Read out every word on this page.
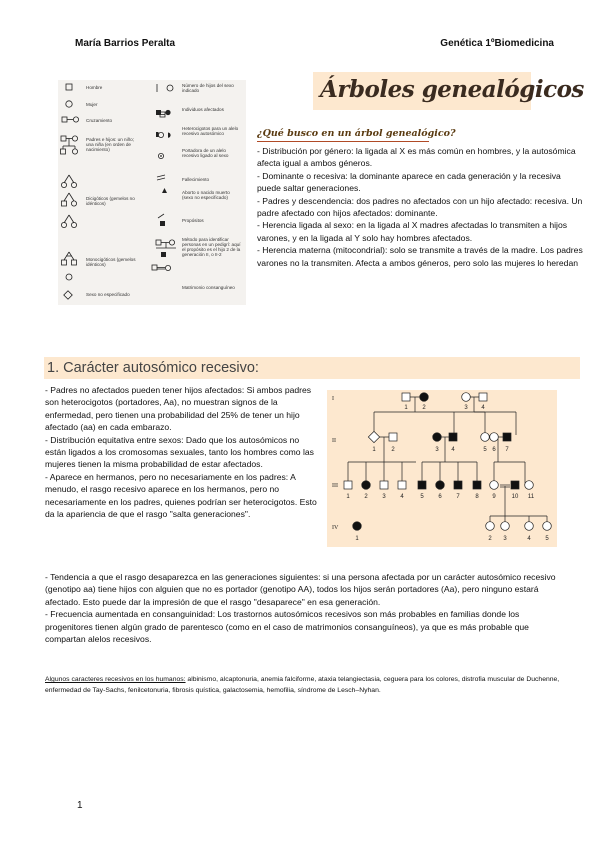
María Barrios Peralta	Genética 1ºBiomedicina
Hombre
Mujer
Cruzamiento
Padres e hijos: un niño; una niña (en orden de nacimiento)
Dicigóticos (gemelos no idénticos)
Monocigóticos (gemelos idénticos)
Sexo no especificado
Número de hijos del sexo indicado
Individuos afectados
Heterocigotos para un alelo recesivo autosómico
Portadora de un alelo recesivo ligado al sexo
Fallecimiento
Aborto o nacido muerto (sexo no especificado)
Propósitos
Método para identificar personas en un pedigrí: aquí el propósito es el hijo 2 de la generación II, o II-2
Matrimonio consanguíneo
Árboles genealógicos
¿Qué busco en un árbol genealógico?
- Distribución por género: la ligada al X es más común en hombres, y la autosómica afecta igual a ambos géneros.
- Dominante o recesiva: la dominante aparece en cada generación y la recesiva puede saltar generaciones.
- Padres y descendencia: dos padres no afectados con un hijo afectado: recesiva. Un padre afectado con hijos afectados: dominante.
- Herencia ligada al sexo: en la ligada al X madres afectadas lo transmiten a hijos varones, y en la ligada al Y solo hay hombres afectados.
- Herencia materna (mitocondrial): solo se transmite a través de la madre. Los padres varones no la transmiten. Afecta a ambos géneros, pero solo las mujeres lo heredan
1. Carácter autosómico recesivo:
- Padres no afectados pueden tener hijos afectados: Si ambos padres son heterocigotos (portadores, Aa), no muestran signos de la enfermedad, pero tienen una probabilidad del 25% de tener un hijo afectado (aa) en cada embarazo.
- Distribución equitativa entre sexos: Dado que los autosómicos no están ligados a los cromosomas sexuales, tanto los hombres como las mujeres tienen la misma probabilidad de estar afectados.
- Aparece en hermanos, pero no necesariamente en los padres: A menudo, el rasgo recesivo aparece en los hermanos, pero no necesariamente en los padres, quienes podrían ser heterocigotos. Esto da la apariencia de que el rasgo "salta generaciones".
I
II
III
IV
1 2	3 4
1	2	3 4	5 6 7
1 2 3 4	5 6 7	8 9	10 11
1	2 3	4 5
- Tendencia a que el rasgo desaparezca en las generaciones siguientes: si una persona afectada por un carácter autosómico recesivo (genotipo aa) tiene hijos con alguien que no es portador (genotipo AA), todos los hijos serán portadores (Aa), pero ninguno estará afectado. Esto puede dar la impresión de que el rasgo "desaparece" en esa generación.
- Frecuencia aumentada en consanguinidad: Los trastornos autosómicos recesivos son más probables en familias donde los progenitores tienen algún grado de parentesco (como en el caso de matrimonios consanguíneos), ya que es más probable que compartan alelos recesivos.
Algunos caracteres recesivos en los humanos: albinismo, alcaptonuria, anemia falciforme, ataxia telangiectasia, ceguera para los colores, distrofia muscular de Duchenne, enfermedad de Tay-Sachs, fenilcetonuria, fibrosis quística, galactosemia, hemofilia, síndrome de Lesch–Nyhan.
1
